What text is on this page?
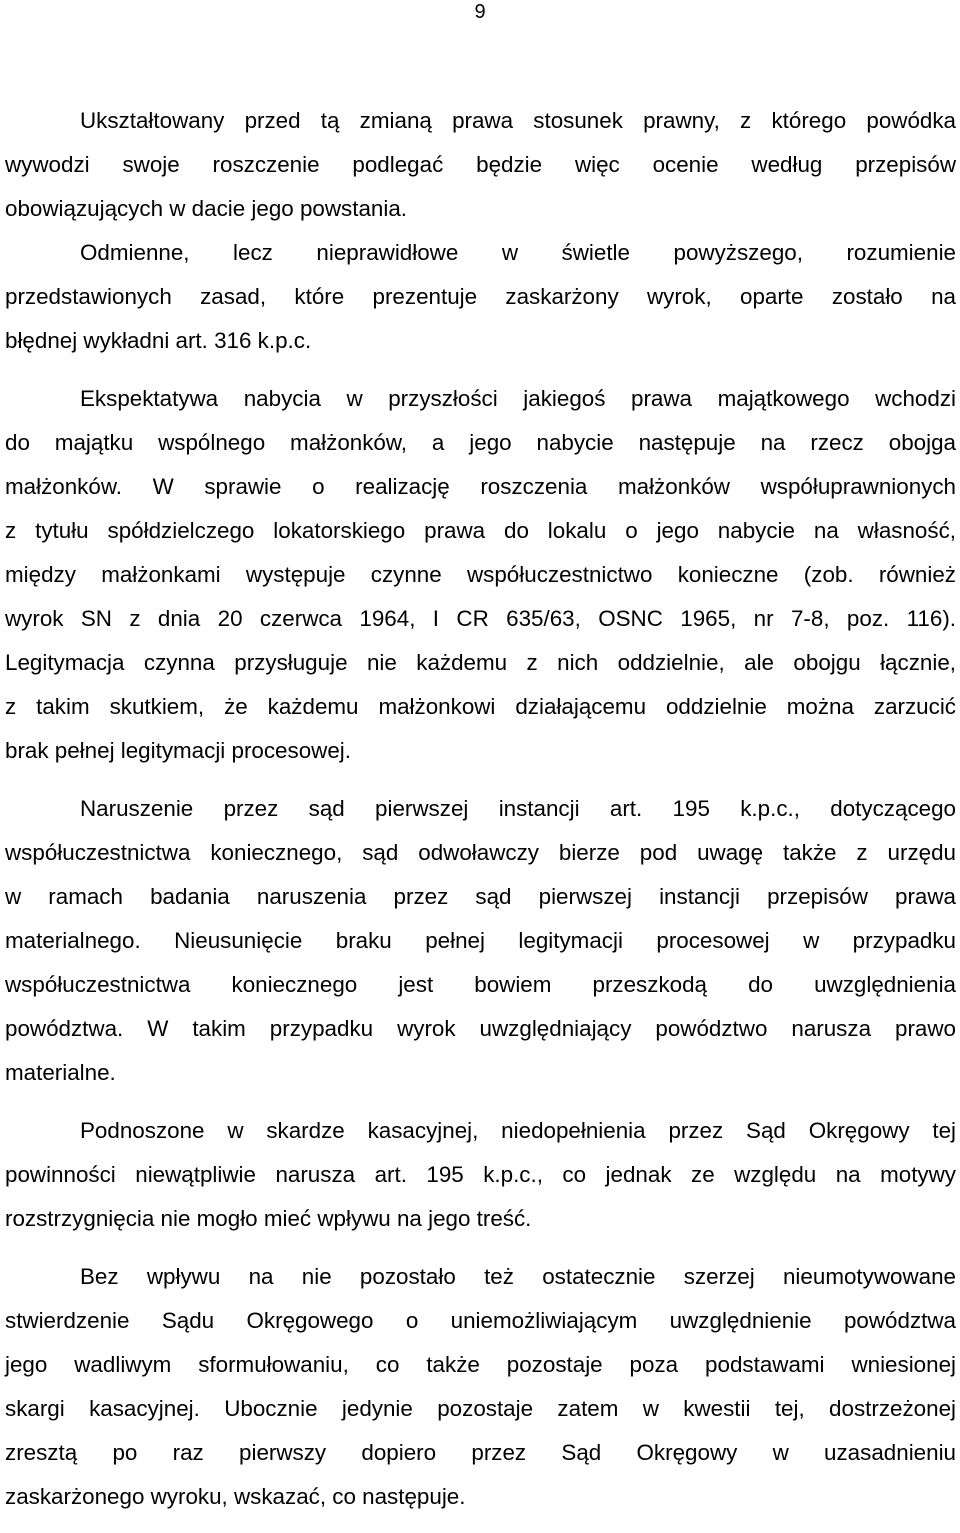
9
Ukształtowany przed tą zmianą prawa stosunek prawny, z którego powódka
wywodzi swoje roszczenie podlegać będzie więc ocenie według przepisów
obowiązujących w dacie jego powstania.
Odmienne, lecz nieprawidłowe w świetle powyższego, rozumienie
przedstawionych zasad, które prezentuje zaskarżony wyrok, oparte zostało na
błędnej wykładni art. 316 k.p.c.
Ekspektatywa nabycia w przyszłości jakiegoś prawa majątkowego wchodzi
do majątku wspólnego małżonków, a jego nabycie następuje na rzecz obojga
małżonków. W sprawie o realizację roszczenia małżonków współuprawnionych
z tytułu spółdzielczego lokatorskiego prawa do lokalu o jego nabycie na własność,
między małżonkami występuje czynne współuczestnictwo konieczne (zob. również
wyrok SN z dnia 20 czerwca 1964, I CR 635/63, OSNC 1965, nr 7-8, poz. 116).
Legitymacja czynna przysługuje nie każdemu z nich oddzielnie, ale obojgu łącznie,
z takim skutkiem, że każdemu małżonkowi działającemu oddzielnie można zarzucić
brak pełnej legitymacji procesowej.
Naruszenie przez sąd pierwszej instancji art. 195 k.p.c., dotyczącego
współuczestnictwa koniecznego, sąd odwoławczy bierze pod uwagę także z urzędu
w ramach badania naruszenia przez sąd pierwszej instancji przepisów prawa
materialnego. Nieusunięcie braku pełnej legitymacji procesowej w przypadku
współuczestnictwa koniecznego jest bowiem przeszkodą do uwzględnienia
powództwa. W takim przypadku wyrok uwzględniający powództwo narusza prawo
materialne.
Podnoszone w skardze kasacyjnej, niedopełnienia przez Sąd Okręgowy tej
powinności niewątpliwie narusza art. 195 k.p.c., co jednak ze względu na motywy
rozstrzygnięcia nie mogło mieć wpływu na jego treść.
Bez wpływu na nie pozostało też ostatecznie szerzej nieumotywowane
stwierdzenie Sądu Okręgowego o uniemożliwiającym uwzględnienie powództwa
jego wadliwym sformułowaniu, co także pozostaje poza podstawami wniesionej
skargi kasacyjnej. Ubocznie jedynie pozostaje zatem w kwestii tej, dostrzeżonej
zresztą po raz pierwszy dopiero przez Sąd Okręgowy w uzasadnieniu
zaskarżonego wyroku, wskazać, co następuje.
